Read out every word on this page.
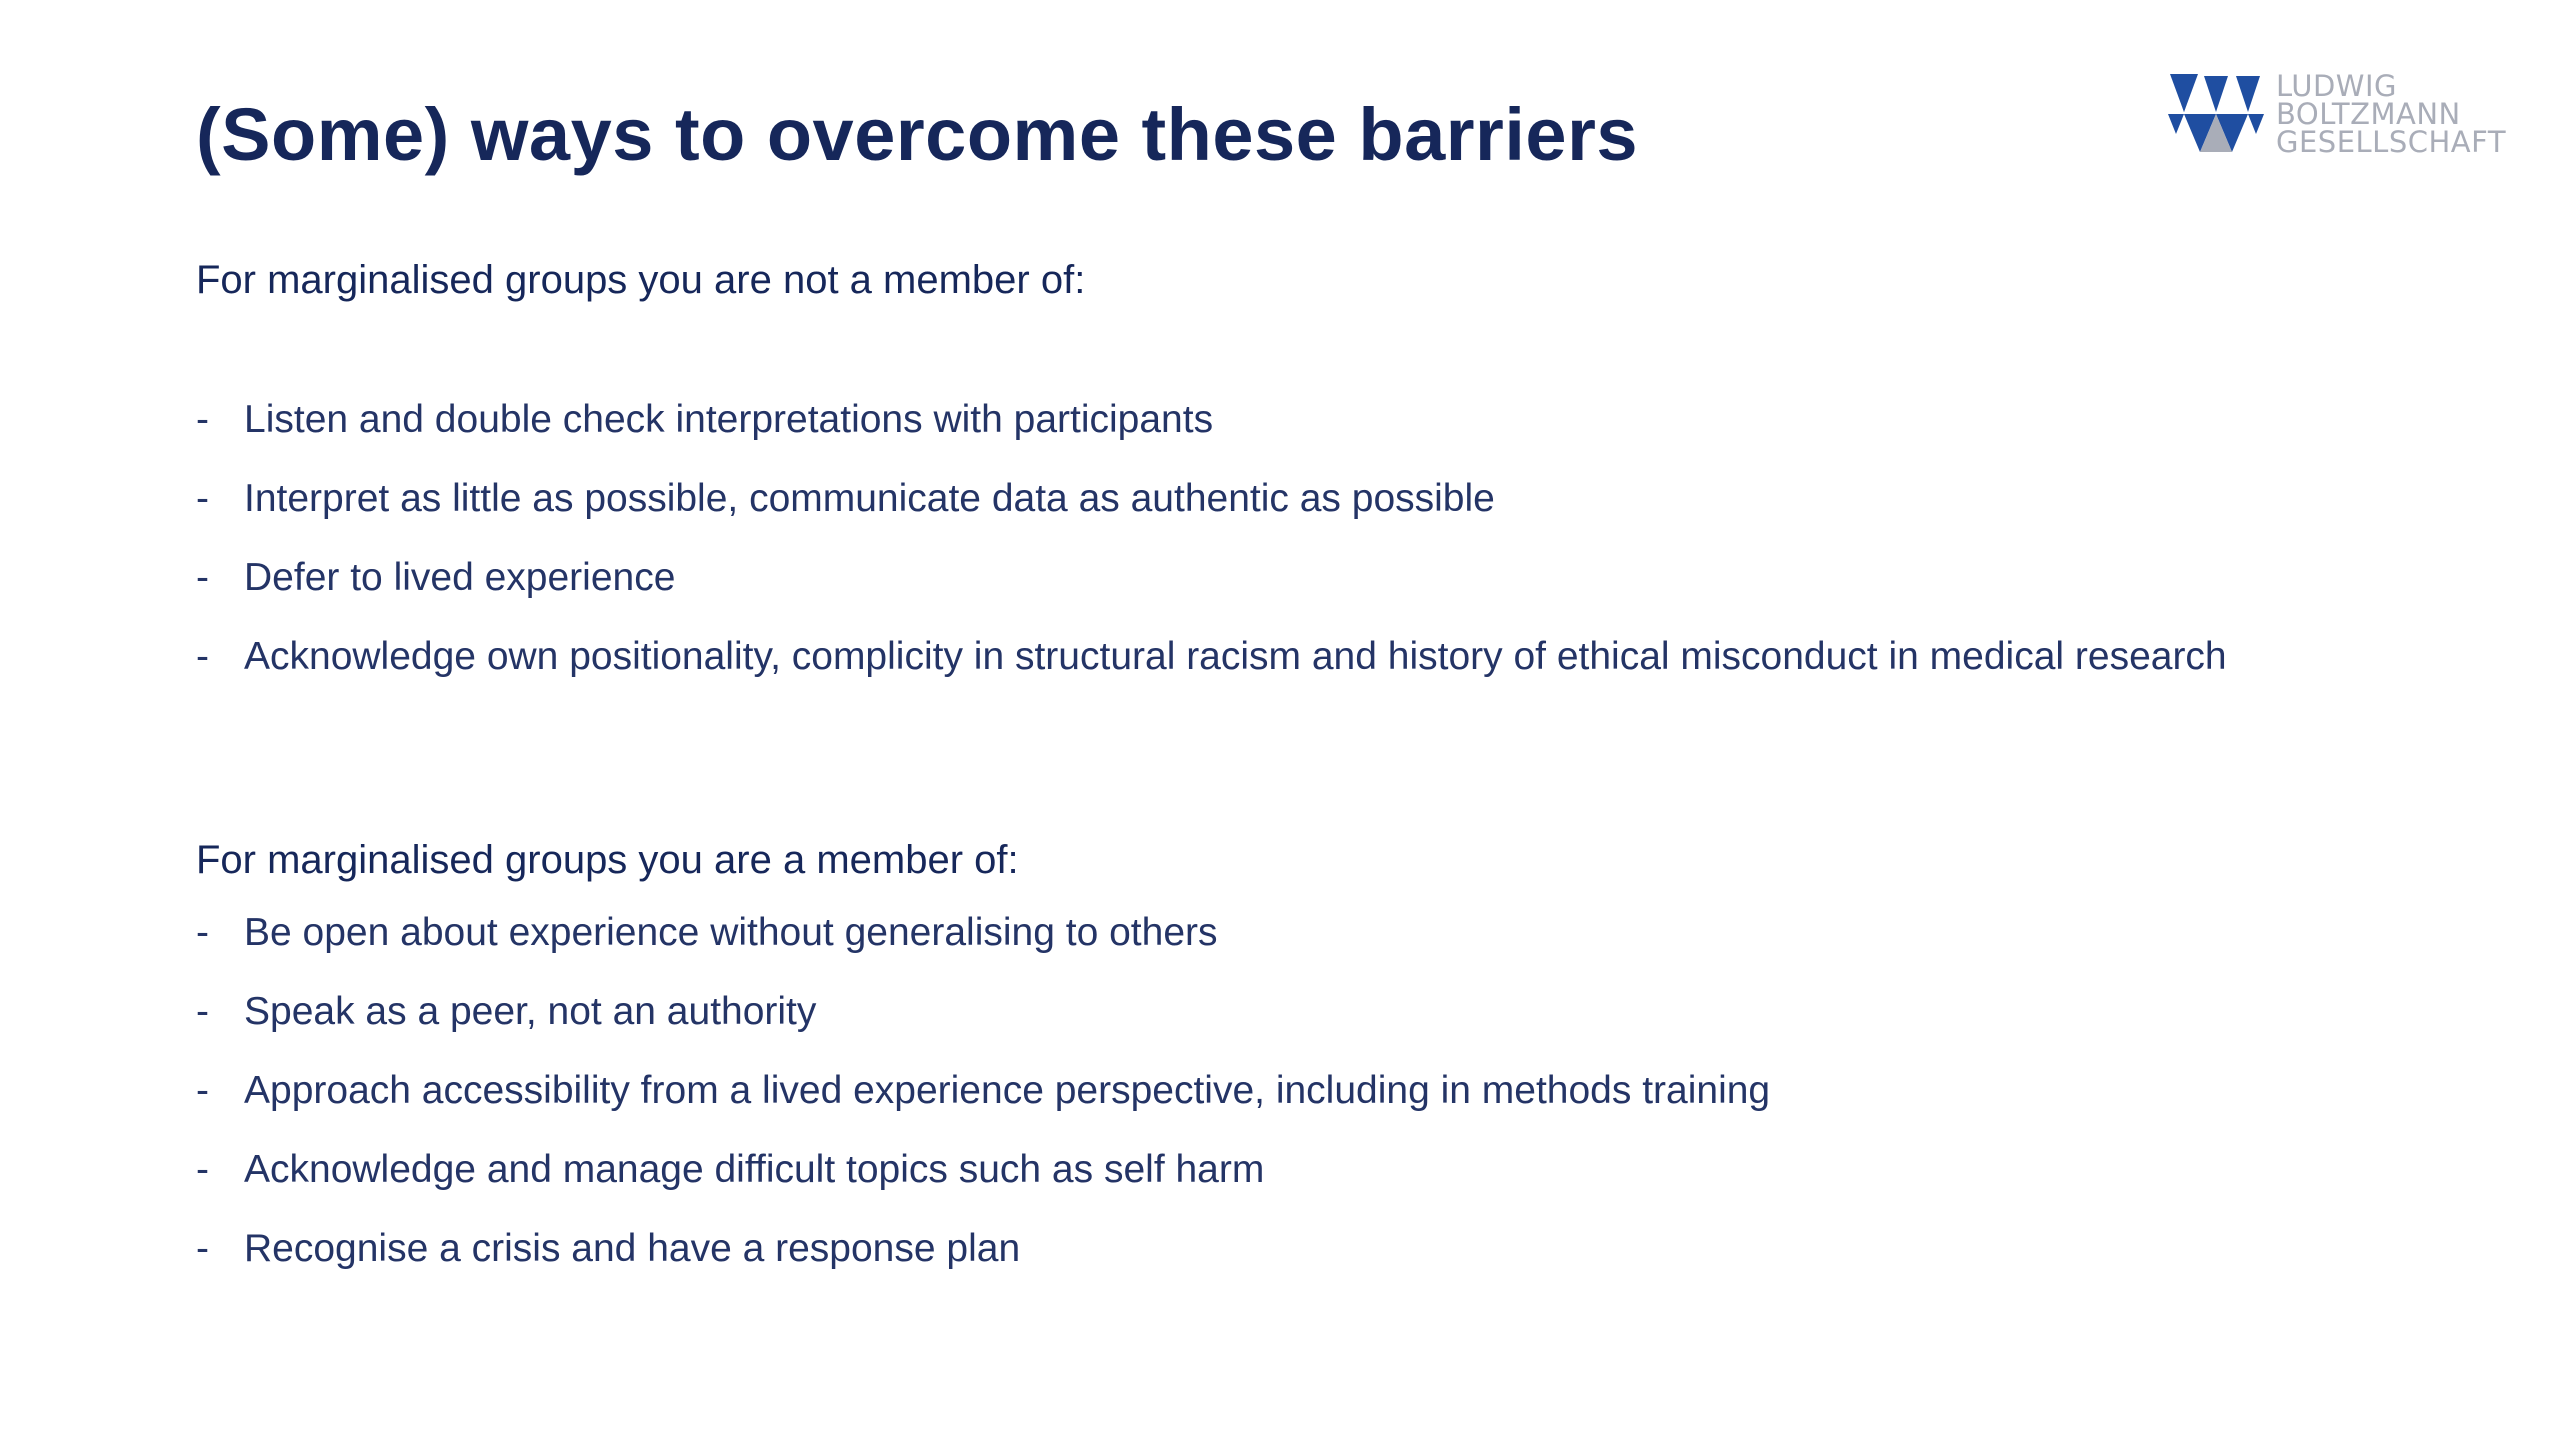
(Some) ways to overcome these barriers
LUDWIG
BOLTZMANN
GESELLSCHAFT
For marginalised groups you are not a member of:
- Listen and double check interpretations with participants
- Interpret as little as possible, communicate data as authentic as possible
- Defer to lived experience
- Acknowledge own positionality, complicity in structural racism and history of ethical misconduct in medical research
For marginalised groups you are a member of:
- Be open about experience without generalising to others
- Speak as a peer, not an authority
- Approach accessibility from a lived experience perspective, including in methods training
- Acknowledge and manage difficult topics such as self harm
- Recognise a crisis and have a response plan
